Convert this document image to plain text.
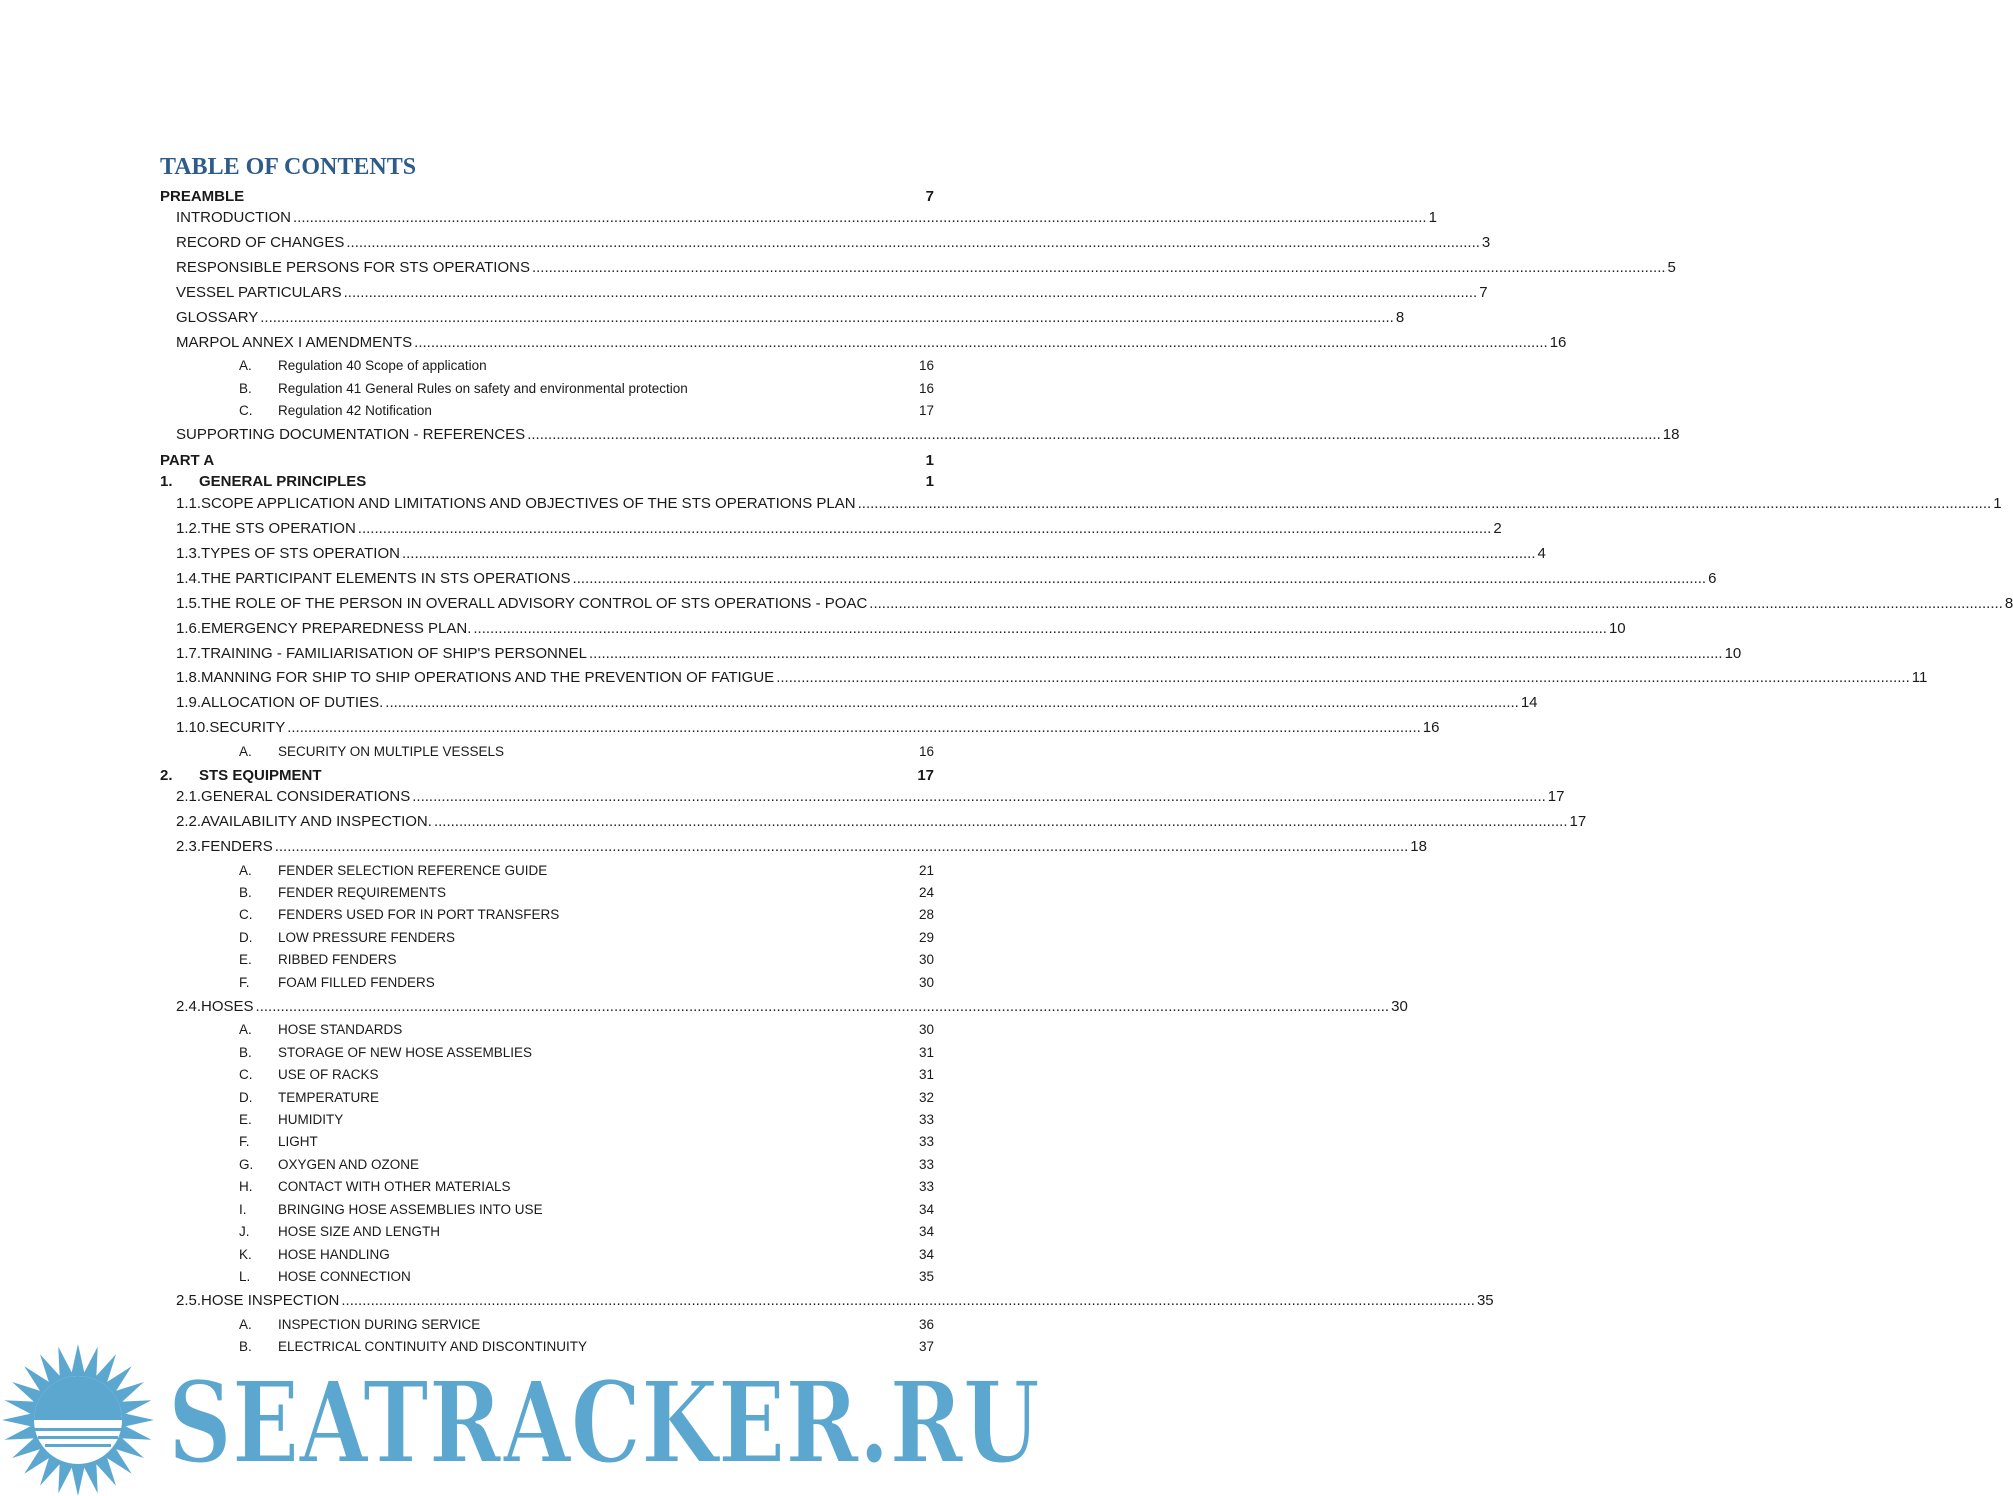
TABLE OF CONTENTS
PREAMBLE	7
INTRODUCTION .....	1
RECORD OF CHANGES .....	3
RESPONSIBLE PERSONS FOR STS OPERATIONS .....	5
VESSEL PARTICULARS .....	7
GLOSSARY .....	8
MARPOL ANNEX I AMENDMENTS .....	16
A.	Regulation 40 Scope of application	16
B.	Regulation 41 General Rules on safety and environmental protection	16
C.	Regulation 42 Notification	17
SUPPORTING DOCUMENTATION - REFERENCES .....	18
PART A	1
1.	GENERAL PRINCIPLES	1
1.1. SCOPE APPLICATION AND LIMITATIONS AND OBJECTIVES OF THE STS OPERATIONS PLAN .....	1
1.2. THE STS OPERATION .....	2
1.3. TYPES OF STS OPERATION .....	4
1.4. THE PARTICIPANT ELEMENTS IN STS OPERATIONS .....	6
1.5. THE ROLE OF THE PERSON IN OVERALL ADVISORY CONTROL OF STS OPERATIONS - POAC .....	8
1.6. EMERGENCY PREPAREDNESS PLAN. .....	10
1.7. TRAINING - FAMILIARISATION OF SHIP'S PERSONNEL .....	10
1.8. MANNING FOR SHIP TO SHIP OPERATIONS AND THE PREVENTION OF FATIGUE .....	11
1.9. ALLOCATION OF DUTIES. .....	14
1.10. SECURITY .....	16
A.	SECURITY ON MULTIPLE VESSELS	16
2.	STS EQUIPMENT	17
2.1. GENERAL CONSIDERATIONS .....	17
2.2. AVAILABILITY AND INSPECTION. .....	17
2.3. FENDERS .....	18
A.	FENDER SELECTION REFERENCE GUIDE	21
B.	FENDER REQUIREMENTS	24
C.	FENDERS USED FOR IN PORT TRANSFERS	28
D.	LOW PRESSURE FENDERS	29
E.	RIBBED FENDERS	30
F.	FOAM FILLED FENDERS	30
2.4. HOSES .....	30
A.	HOSE STANDARDS	30
B.	STORAGE OF NEW HOSE ASSEMBLIES	31
C.	USE OF RACKS	31
D.	TEMPERATURE	32
E.	HUMIDITY	33
F.	LIGHT	33
G.	OXYGEN AND OZONE	33
H.	CONTACT WITH OTHER MATERIALS	33
I.	BRINGING HOSE ASSEMBLIES INTO USE	34
J.	HOSE SIZE AND LENGTH	34
K.	HOSE HANDLING	34
L.	HOSE CONNECTION	35
2.5. HOSE INSPECTION .....	35
A.	INSPECTION DURING SERVICE	36
B.	ELECTRICAL CONTINUITY AND DISCONTINUITY	37
SEATRACKER.RU
